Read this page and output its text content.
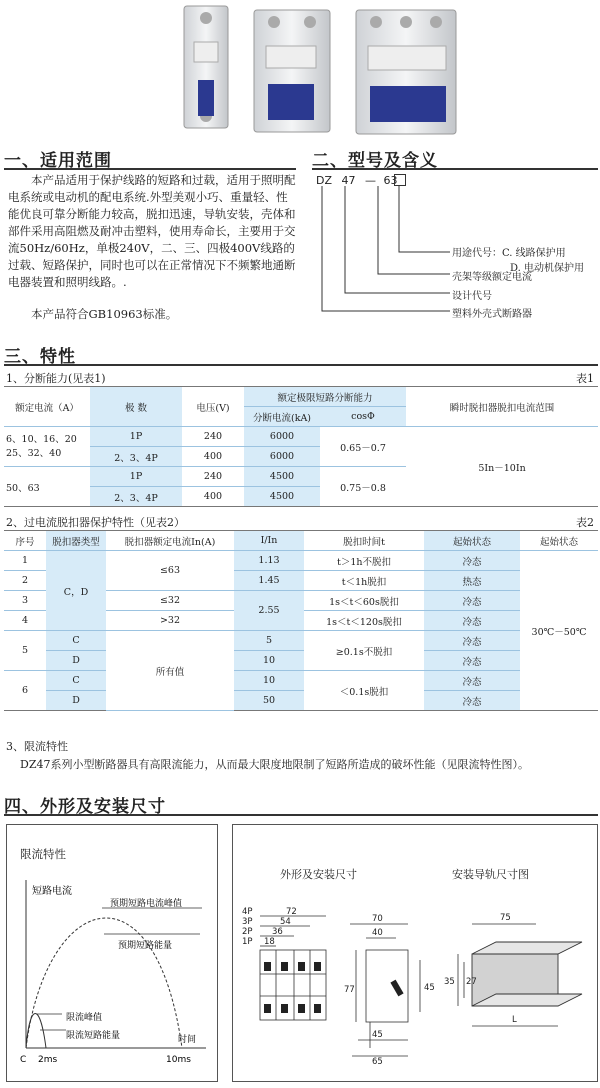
一、适用范围
本产品适用于保护线路的短路和过载，适用于照明配电系统或电动机的配电系统.外型美观小巧、重量轻、性能优良可靠分断能力较高，脱扣迅速，导轨安装，壳体和部件采用高阻燃及耐冲击塑料，使用寿命长，主要用于交流50Hz/60Hz，单极240V，二、三、四极400V线路的过载、短路保护，同时也可以在正常情况下不频繁地通断电器装置和照明线路。.
本产品符合GB10963标准。
二、型号及含义
DZ 47 — 63
用途代号：C. 线路保护用
D. 电动机保护用
壳架等级额定电流
设计代号
塑料外壳式断路器
三、特性
1、分断能力(见表1)	表1
额定电流（A）	极 数	电压(V)	额定极限短路分断能力		瞬时脱扣器脱扣电流范围
			分断电流(kA)	cosΦ	
6、10、16、20
25、32、40	1P	240	6000	0.65－0.7	5In－10In
	2、3、4P	400	6000		
50、63	1P	240	4500	0.75－0.8	
	2、3、4P	400	4500		
2、过电流脱扣器保护特性（见表2）	表2
序号	脱扣器类型	脱扣器额定电流In(A)	I/In	脱扣时间t	起始状态	起始状态
1	C，D	≤63	1.13	t＞1h不脱扣	冷态	30℃－50℃
2			1.45	t＜1h脱扣	热态	
3		≤32	2.55	1s＜t＜60s脱扣	冷态	
4		>32		1s＜t＜120s脱扣	冷态	
5	C	所有值	5	≥0.1s不脱扣	冷态	
	D		10		冷态	
6	C		10	＜0.1s脱扣	冷态	
	D		50		冷态	
3、限流特性
DZ47系列小型断路器具有高限流能力，从而最大限度地限制了短路所造成的破坏性能（见限流特性图）。
四、外形及安装尺寸
限流特性
短路电流
预期短路电流峰值
预期短路能量
限流峰值
限流短路能量	时间
C 2ms	10ms
外形及安装尺寸	安装导轨尺寸图
4P
3P
2P
1P
72
54
36
18
70
40
77	45
45
65
75
35 27
L
